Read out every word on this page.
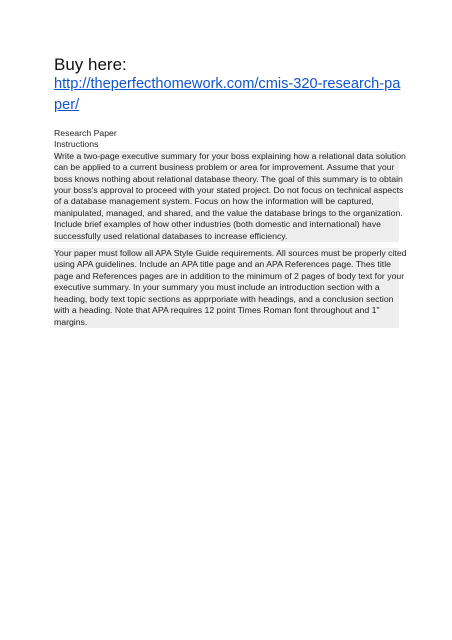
Buy here:
http://theperfecthomework.com/cmis-320-research-paper/
Research Paper
Instructions
Write a two-page executive summary for your boss explaining how a relational data solution
can be applied to a current business problem or area for improvement. Assume that your
boss knows nothing about relational database theory. The goal of this summary is to obtain
your boss's approval to proceed with your stated project. Do not focus on technical aspects
of a database management system. Focus on how the information will be captured,
manipulated, managed, and shared, and the value the database brings to the organization.
Include brief examples of how other industries (both domestic and international) have
successfully used relational databases to increase efficiency.
Your paper must follow all APA Style Guide requirements. All sources must be properly cited
using APA guidelines. Include an APA title page and an APA References page. Thes title
page and References pages are in addition to the minimum of 2 pages of body text for your
executive summary. In your summary you must include an introduction section with a
heading, body text topic sections as apprporiate with headings, and a conclusion section
with a heading. Note that APA requires 12 point Times Roman font throughout and 1"
margins.
